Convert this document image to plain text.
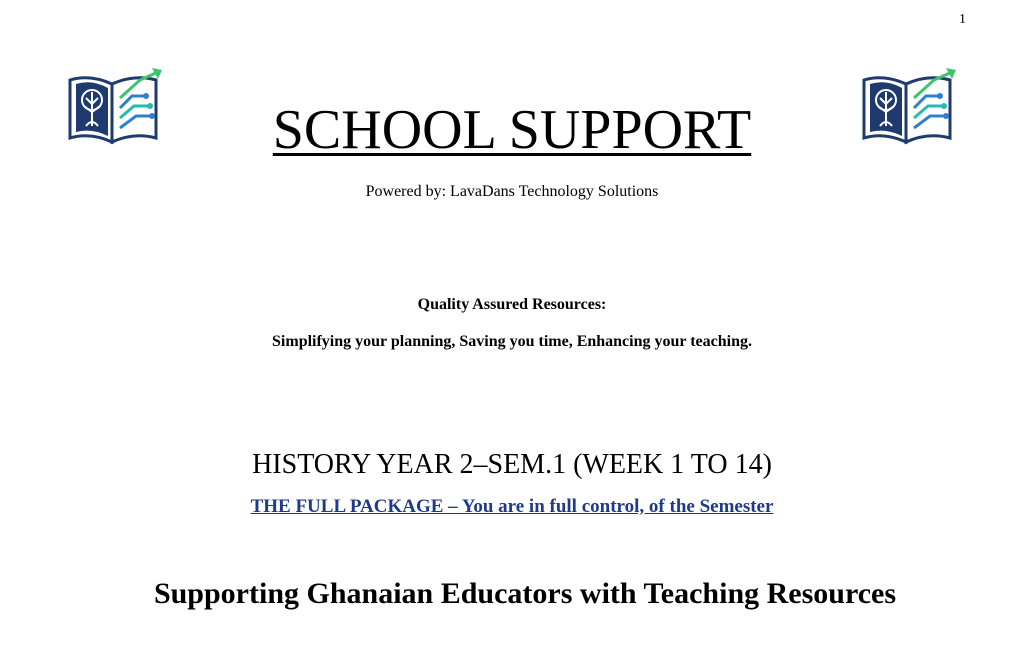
1
SCHOOL SUPPORT
Powered by: LavaDans Technology Solutions
Quality Assured Resources:
Simplifying your planning, Saving you time, Enhancing your teaching.
HISTORY YEAR 2–SEM.1 (WEEK 1 TO 14)
THE FULL PACKAGE – You are in full control, of the Semester
Supporting Ghanaian Educators with Teaching Resources
